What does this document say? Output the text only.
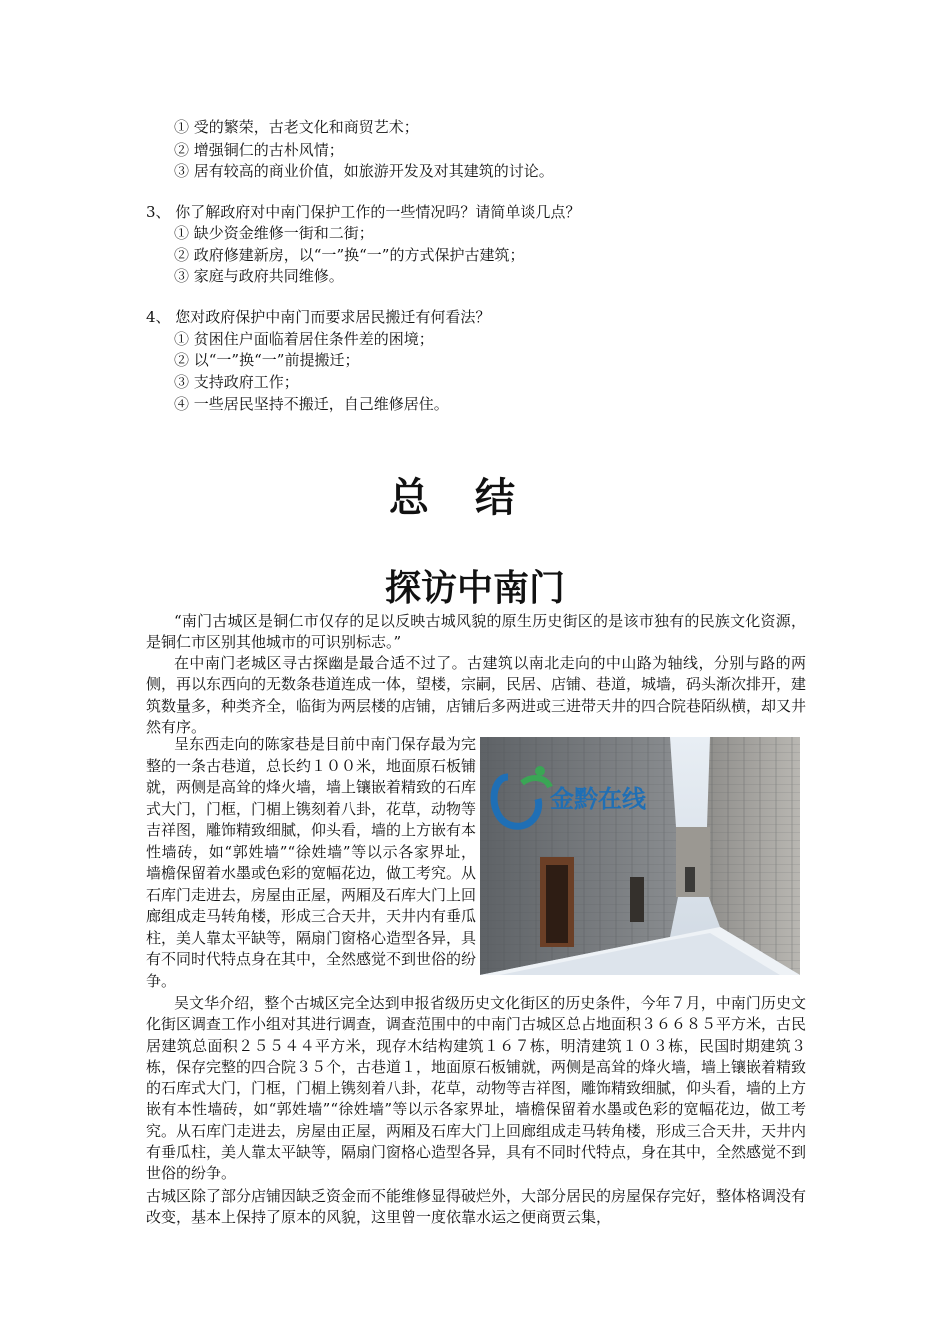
① 受的繁荣，古老文化和商贸艺术；
② 增强铜仁的古朴风情；
③ 居有较高的商业价值，如旅游开发及对其建筑的讨论。
3、 你了解政府对中南门保护工作的一些情况吗？请简单谈几点？
① 缺少资金维修一街和二街；
② 政府修建新房，以“一”换“一”的方式保护古建筑；
③ 家庭与政府共同维修。
4、 您对政府保护中南门而要求居民搬迁有何看法？
① 贫困住户面临着居住条件差的困境；
② 以“一”换“一”前提搬迁；
③ 支持政府工作；
④ 一些居民坚持不搬迁，自己维修居住。
总结
探访中南门
“南门古城区是铜仁市仅存的足以反映古城风貌的原生历史街区的是该市独有的民族文化资源，是铜仁市区别其他城市的可识别标志。”
在中南门老城区寻古探幽是最合适不过了。古建筑以南北走向的中山路为轴线，分别与路的两侧，再以东西向的无数条巷道连成一体，望楼，宗嗣，民居、店铺、巷道，城墙，码头渐次排开，建筑数量多，种类齐全，临街为两层楼的店铺，店铺后多两进或三进带天井的四合院巷陌纵横，却又井然有序。
呈东西走向的陈家巷是目前中南门保存最为完整的一条古巷道，总长约１００米，地面原石板铺就，两侧是高耸的烽火墙，墙上镶嵌着精致的石库式大门，门框，门楣上镌刻着八卦，花草，动物等吉祥图，雕饰精致细腻，仰头看，墙的上方嵌有本性墙砖，如“郭姓墙”“徐姓墙”等以示各家界址，墙檐保留着水墨或色彩的宽幅花边，做工考究。从石库门走进去，房屋由正屋，两厢及石库大门上回廊组成走马转角楼，形成三合天井，天井内有垂瓜柱，美人靠太平缺等，隔扇门窗格心造型各异，具有不同时代特点身在其中，全然感觉不到世俗的纷争。
金黔在线
吴文华介绍，整个古城区完全达到申报省级历史文化街区的历史条件，今年７月，中南门历史文化街区调查工作小组对其进行调查，调查范围中的中南门古城区总占地面积３６６８５平方米，古民居建筑总面积２５５４４平方米，现存木结构建筑１６７栋，明清建筑１０３栋，民国时期建筑３栋，保存完整的四合院３５个，古巷道１，地面原石板铺就，两侧是高耸的烽火墙，墙上镶嵌着精致的石库式大门，门框，门楣上镌刻着八卦，花草，动物等吉祥图，雕饰精致细腻，仰头看，墙的上方嵌有本性墙砖，如“郭姓墙”“徐姓墙”等以示各家界址，墙檐保留着水墨或色彩的宽幅花边，做工考究。从石库门走进去，房屋由正屋，两厢及石库大门上回廊组成走马转角楼，形成三合天井，天井内有垂瓜柱，美人靠太平缺等，隔扇门窗格心造型各异，具有不同时代特点，身在其中，全然感觉不到世俗的纷争。
古城区除了部分店铺因缺乏资金而不能维修显得破烂外，大部分居民的房屋保存完好，整体格调没有改变，基本上保持了原本的风貌，这里曾一度依靠水运之便商贾云集，
